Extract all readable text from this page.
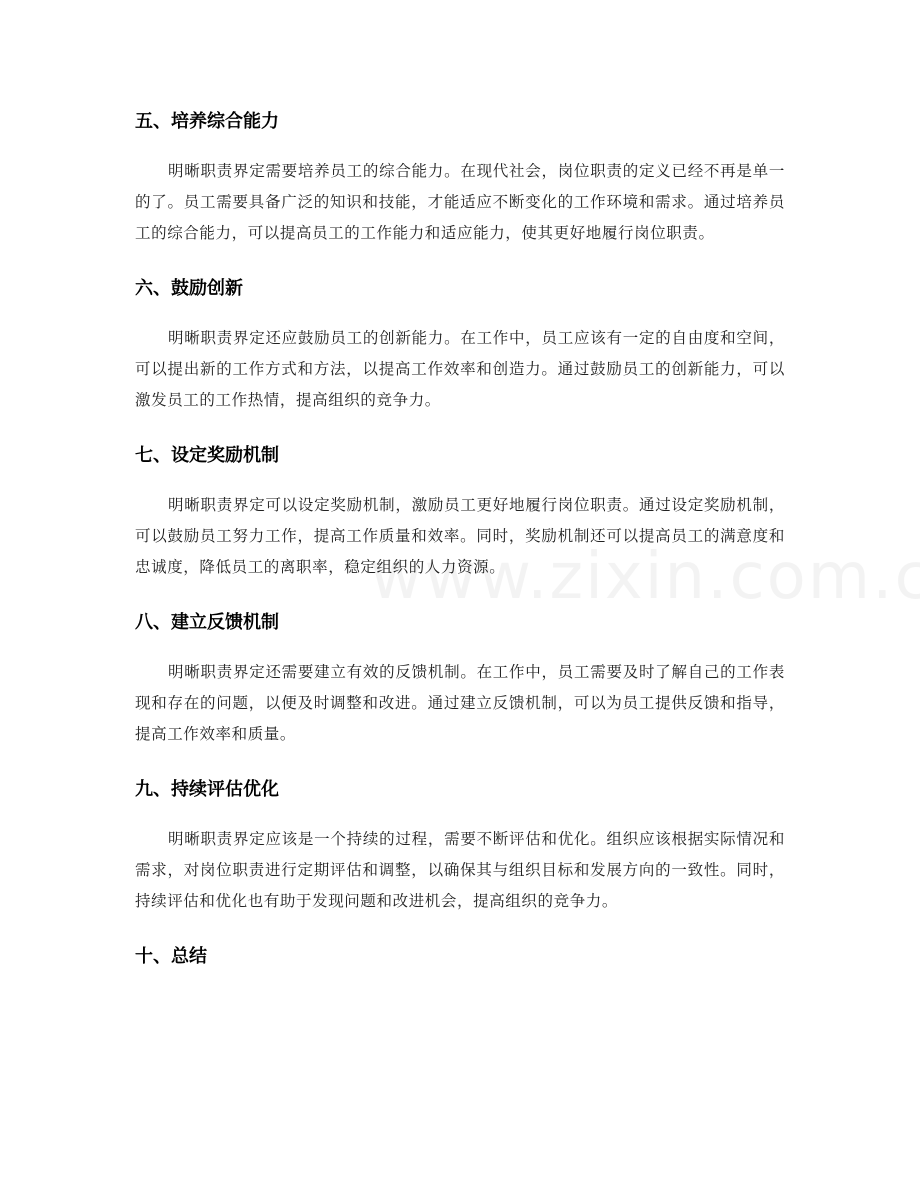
五、培养综合能力

明晰职责界定需要培养员工的综合能力。在现代社会，岗位职责的定义已经不再是单一的了。员工需要具备广泛的知识和技能，才能适应不断变化的工作环境和需求。通过培养员工的综合能力，可以提高员工的工作能力和适应能力，使其更好地履行岗位职责。

六、鼓励创新

明晰职责界定还应鼓励员工的创新能力。在工作中，员工应该有一定的自由度和空间，可以提出新的工作方式和方法，以提高工作效率和创造力。通过鼓励员工的创新能力，可以激发员工的工作热情，提高组织的竞争力。

七、设定奖励机制

明晰职责界定可以设定奖励机制，激励员工更好地履行岗位职责。通过设定奖励机制，可以鼓励员工努力工作，提高工作质量和效率。同时，奖励机制还可以提高员工的满意度和忠诚度，降低员工的离职率，稳定组织的人力资源。

八、建立反馈机制

明晰职责界定还需要建立有效的反馈机制。在工作中，员工需要及时了解自己的工作表现和存在的问题，以便及时调整和改进。通过建立反馈机制，可以为员工提供反馈和指导，提高工作效率和质量。

九、持续评估优化

明晰职责界定应该是一个持续的过程，需要不断评估和优化。组织应该根据实际情况和需求，对岗位职责进行定期评估和调整，以确保其与组织目标和发展方向的一致性。同时，持续评估和优化也有助于发现问题和改进机会，提高组织的竞争力。

十、总结
